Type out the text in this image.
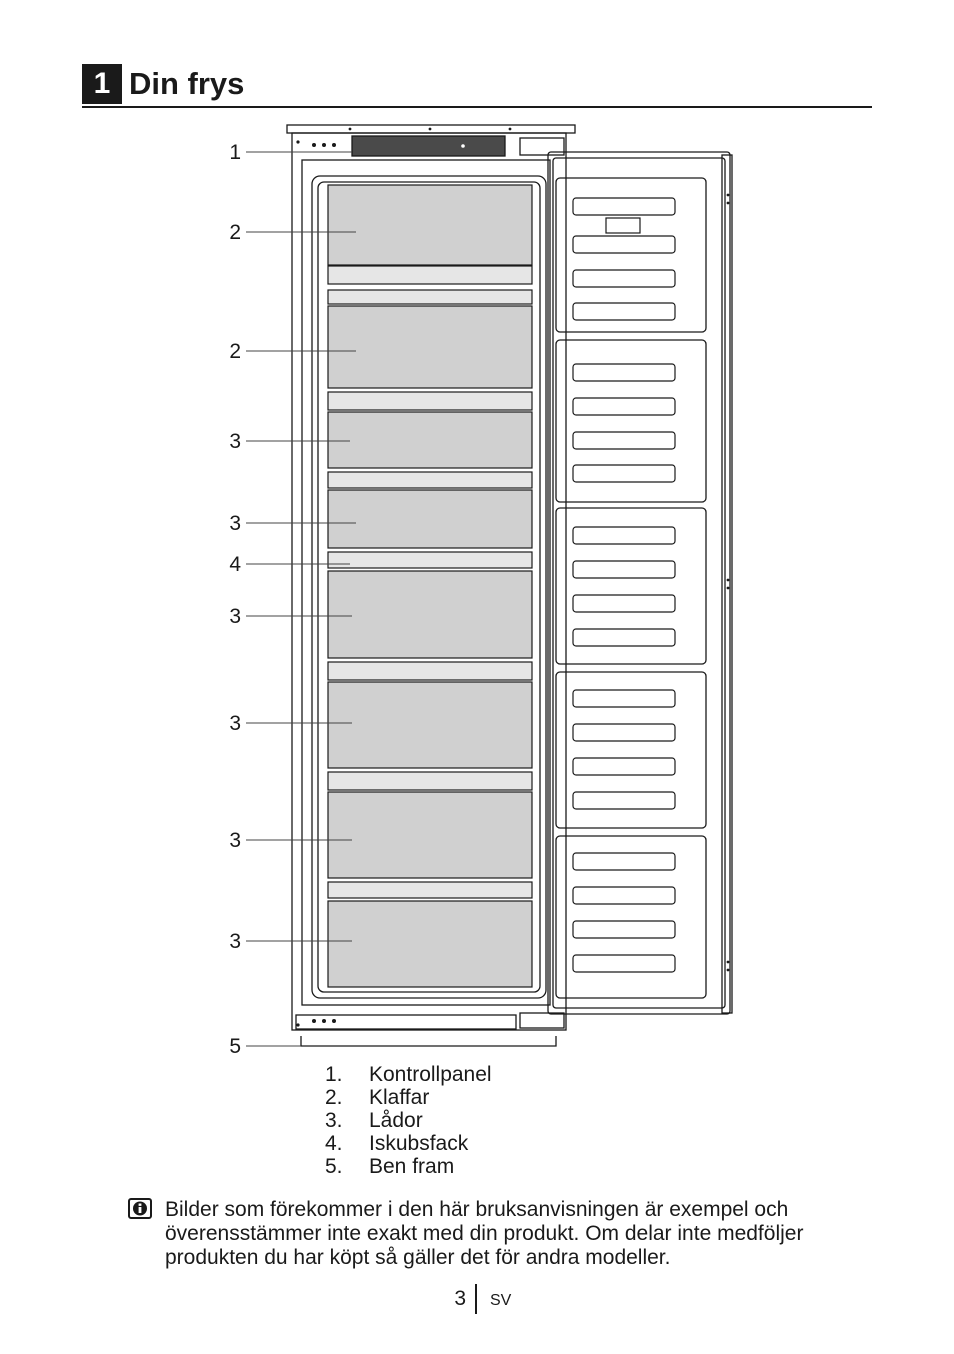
1 Din frys
1
2
2
3
3
4
3
3
3
3
5
1.	Kontrollpanel
2.	Klaffar
3.	Lådor
4.	Iskubsfack
5.	Ben fram
Bilder som förekommer i den här bruksanvisningen är exempel och överensstämmer inte exakt med din produkt. Om delar inte medföljer produkten du har köpt så gäller det för andra modeller.
3 SV
